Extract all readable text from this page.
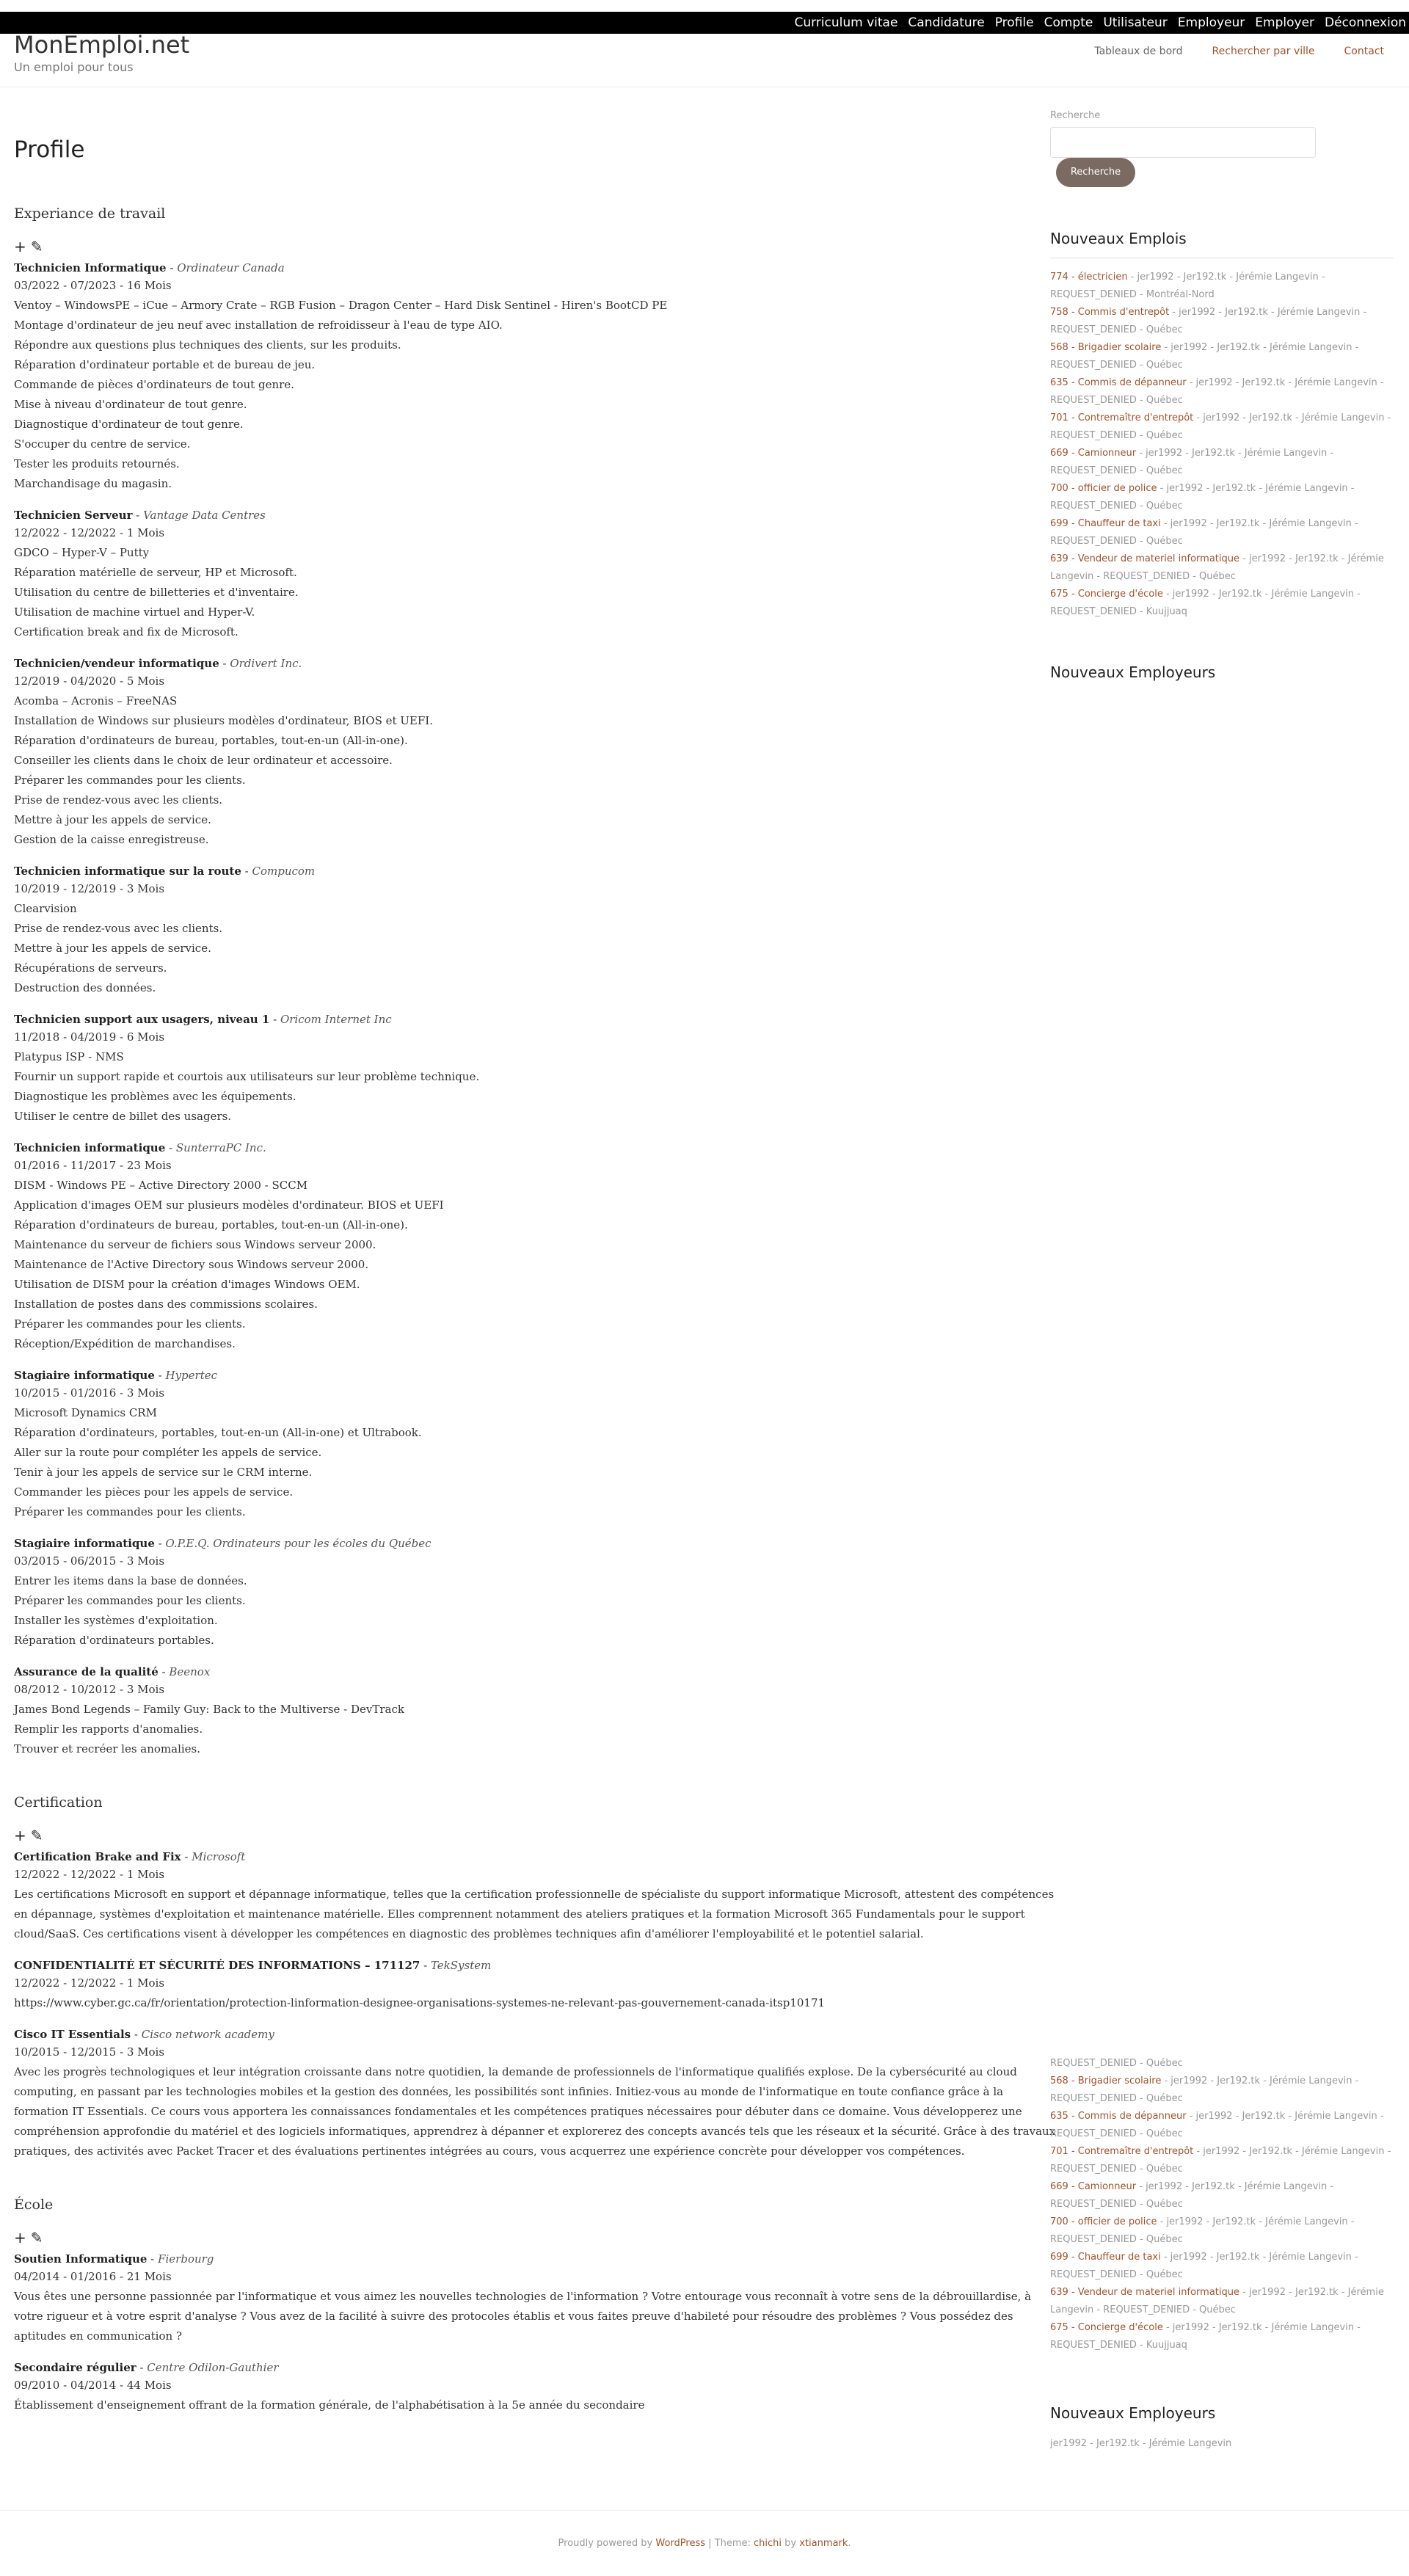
Curriculum vitae Candidature Profile Compte Utilisateur Employeur Employer Déconnexion
MonEmploi.net
Un emploi pour tous
Tableaux de bord	Rechercher par ville	Contact
Profile
Experiance de travail
+ ✎
Technicien Informatique - Ordinateur Canada
03/2022 - 07/2023 - 16 Mois
Ventoy – WindowsPE – iCue – Armory Crate – RGB Fusion – Dragon Center – Hard Disk Sentinel - Hiren's BootCD PE
Montage d'ordinateur de jeu neuf avec installation de refroidisseur à l'eau de type AIO.
Répondre aux questions plus techniques des clients, sur les produits.
Réparation d'ordinateur portable et de bureau de jeu.
Commande de pièces d'ordinateurs de tout genre.
Mise à niveau d'ordinateur de tout genre.
Diagnostique d'ordinateur de tout genre.
S'occuper du centre de service.
Tester les produits retournés.
Marchandisage du magasin.
Technicien Serveur - Vantage Data Centres
12/2022 - 12/2022 - 1 Mois
GDCO – Hyper-V – Putty
Réparation matérielle de serveur, HP et Microsoft.
Utilisation du centre de billetteries et d'inventaire.
Utilisation de machine virtuel and Hyper-V.
Certification break and fix de Microsoft.
Technicien/vendeur informatique - Ordivert Inc.
12/2019 - 04/2020 - 5 Mois
Acomba – Acronis – FreeNAS
Installation de Windows sur plusieurs modèles d'ordinateur, BIOS et UEFI.
Réparation d'ordinateurs de bureau, portables, tout-en-un (All-in-one).
Conseiller les clients dans le choix de leur ordinateur et accessoire.
Préparer les commandes pour les clients.
Prise de rendez-vous avec les clients.
Mettre à jour les appels de service.
Gestion de la caisse enregistreuse.
Technicien informatique sur la route - Compucom
10/2019 - 12/2019 - 3 Mois
Clearvision
Prise de rendez-vous avec les clients.
Mettre à jour les appels de service.
Récupérations de serveurs.
Destruction des données.
Technicien support aux usagers, niveau 1 - Oricom Internet Inc
11/2018 - 04/2019 - 6 Mois
Platypus ISP - NMS
Fournir un support rapide et courtois aux utilisateurs sur leur problème technique.
Diagnostique les problèmes avec les équipements.
Utiliser le centre de billet des usagers.
Technicien informatique - SunterraPC Inc.
01/2016 - 11/2017 - 23 Mois
DISM - Windows PE – Active Directory 2000 - SCCM
Application d'images OEM sur plusieurs modèles d'ordinateur. BIOS et UEFI
Réparation d'ordinateurs de bureau, portables, tout-en-un (All-in-one).
Maintenance du serveur de fichiers sous Windows serveur 2000.
Maintenance de l'Active Directory sous Windows serveur 2000.
Utilisation de DISM pour la création d'images Windows OEM.
Installation de postes dans des commissions scolaires.
Préparer les commandes pour les clients.
Réception/Expédition de marchandises.
Stagiaire informatique - Hypertec
10/2015 - 01/2016 - 3 Mois
Microsoft Dynamics CRM
Réparation d'ordinateurs, portables, tout-en-un (All-in-one) et Ultrabook.
Aller sur la route pour compléter les appels de service.
Tenir à jour les appels de service sur le CRM interne.
Commander les pièces pour les appels de service.
Préparer les commandes pour les clients.
Stagiaire informatique - O.P.E.Q. Ordinateurs pour les écoles du Québec
03/2015 - 06/2015 - 3 Mois
Entrer les items dans la base de données.
Préparer les commandes pour les clients.
Installer les systèmes d'exploitation.
Réparation d'ordinateurs portables.
Assurance de la qualité - Beenox
08/2012 - 10/2012 - 3 Mois
James Bond Legends – Family Guy: Back to the Multiverse - DevTrack
Remplir les rapports d'anomalies.
Trouver et recréer les anomalies.
Certification
+ ✎
Certification Brake and Fix - Microsoft
12/2022 - 12/2022 - 1 Mois
Les certifications Microsoft en support et dépannage informatique, telles que la certification professionnelle de spécialiste du support informatique Microsoft, attestent des compétences en dépannage, systèmes d'exploitation et maintenance matérielle. Elles comprennent notamment des ateliers pratiques et la formation Microsoft 365 Fundamentals pour le support cloud/SaaS. Ces certifications visent à développer les compétences en diagnostic des problèmes techniques afin d'améliorer l'employabilité et le potentiel salarial.
CONFIDENTIALITÉ ET SÉCURITÉ DES INFORMATIONS – 171127 - TekSystem
12/2022 - 12/2022 - 1 Mois
https://www.cyber.gc.ca/fr/orientation/protection-linformation-designee-organisations-systemes-ne-relevant-pas-gouvernement-canada-itsp10171
Cisco IT Essentials - Cisco network academy
10/2015 - 12/2015 - 3 Mois
Avec les progrès technologiques et leur intégration croissante dans notre quotidien, la demande de professionnels de l'informatique qualifiés explose. De la cybersécurité au cloud computing, en passant par les technologies mobiles et la gestion des données, les possibilités sont infinies. Initiez-vous au monde de l'informatique en toute confiance grâce à la formation IT Essentials. Ce cours vous apportera les connaissances fondamentales et les compétences pratiques nécessaires pour débuter dans ce domaine. Vous développerez une compréhension approfondie du matériel et des logiciels informatiques, apprendrez à dépanner et explorerez des concepts avancés tels que les réseaux et la sécurité. Grâce à des travaux pratiques, des activités avec Packet Tracer et des évaluations pertinentes intégrées au cours, vous acquerrez une expérience concrète pour développer vos compétences.
École
+ ✎
Soutien Informatique - Fierbourg
04/2014 - 01/2016 - 21 Mois
Vous êtes une personne passionnée par l'informatique et vous aimez les nouvelles technologies de l'information ? Votre entourage vous reconnaît à votre sens de la débrouillardise, à votre rigueur et à votre esprit d'analyse ? Vous avez de la facilité à suivre des protocoles établis et vous faites preuve d'habileté pour résoudre des problèmes ? Vous possédez des aptitudes en communication ?
Secondaire régulier - Centre Odilon-Gauthier
09/2010 - 04/2014 - 44 Mois
Établissement d'enseignement offrant de la formation générale, de l'alphabétisation à la 5e année du secondaire
Recherche
Recherche
Nouveaux Emplois
774 - électricien - jer1992 - Jer192.tk - Jérémie Langevin - REQUEST_DENIED - Montréal-Nord
758 - Commis d'entrepôt - jer1992 - Jer192.tk - Jérémie Langevin - REQUEST_DENIED - Québec
568 - Brigadier scolaire - jer1992 - Jer192.tk - Jérémie Langevin - REQUEST_DENIED - Québec
635 - Commis de dépanneur - jer1992 - Jer192.tk - Jérémie Langevin - REQUEST_DENIED - Québec
701 - Contremaître d'entrepôt - jer1992 - Jer192.tk - Jérémie Langevin - REQUEST_DENIED - Québec
669 - Camionneur - jer1992 - Jer192.tk - Jérémie Langevin - REQUEST_DENIED - Québec
700 - officier de police - jer1992 - Jer192.tk - Jérémie Langevin - REQUEST_DENIED - Québec
699 - Chauffeur de taxi - jer1992 - Jer192.tk - Jérémie Langevin - REQUEST_DENIED - Québec
639 - Vendeur de materiel informatique - jer1992 - Jer192.tk - Jérémie Langevin - REQUEST_DENIED - Québec
675 - Concierge d'école - jer1992 - Jer192.tk - Jérémie Langevin - REQUEST_DENIED - Kuujjuaq
Nouveaux Employeurs
REQUEST_DENIED - Québec
568 - Brigadier scolaire - jer1992 - Jer192.tk - Jérémie Langevin - REQUEST_DENIED - Québec
635 - Commis de dépanneur - jer1992 - Jer192.tk - Jérémie Langevin - REQUEST_DENIED - Québec
701 - Contremaître d'entrepôt - jer1992 - Jer192.tk - Jérémie Langevin - REQUEST_DENIED - Québec
669 - Camionneur - jer1992 - Jer192.tk - Jérémie Langevin - REQUEST_DENIED - Québec
700 - officier de police - jer1992 - Jer192.tk - Jérémie Langevin - REQUEST_DENIED - Québec
699 - Chauffeur de taxi - jer1992 - Jer192.tk - Jérémie Langevin - REQUEST_DENIED - Québec
639 - Vendeur de materiel informatique - jer1992 - Jer192.tk - Jérémie Langevin - REQUEST_DENIED - Québec
675 - Concierge d'école - jer1992 - Jer192.tk - Jérémie Langevin - REQUEST_DENIED - Kuujjuaq
Nouveaux Employeurs
jer1992 - Jer192.tk - Jérémie Langevin
Proudly powered by WordPress | Theme: chichi by xtianmark.
